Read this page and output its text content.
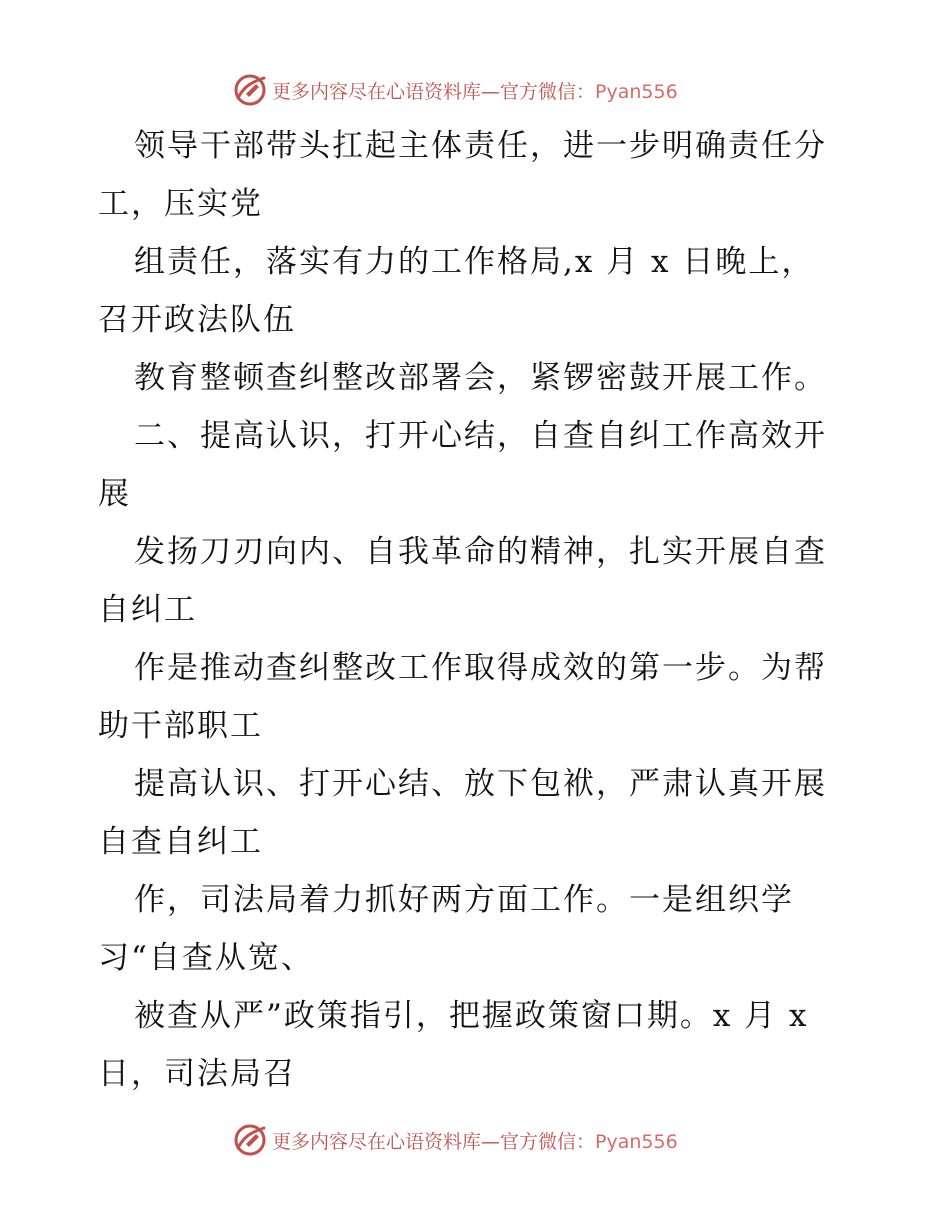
更多内容尽在心语资料库—官方微信：Pyan556
领导干部带头扛起主体责任，进一步明确责任分
工，压实党
组责任，落实有力的工作格局,x 月 x 日晚上，
召开政法队伍
教育整顿查纠整改部署会，紧锣密鼓开展工作。
二、提高认识，打开心结，自查自纠工作高效开
展
发扬刀刃向内、自我革命的精神，扎实开展自查
自纠工
作是推动查纠整改工作取得成效的第一步。为帮
助干部职工
提高认识、打开心结、放下包袱，严肃认真开展
自查自纠工
作，司法局着力抓好两方面工作。一是组织学
习“自查从宽、
被查从严”政策指引，把握政策窗口期。x 月 x
日，司法局召
更多内容尽在心语资料库—官方微信：Pyan556
